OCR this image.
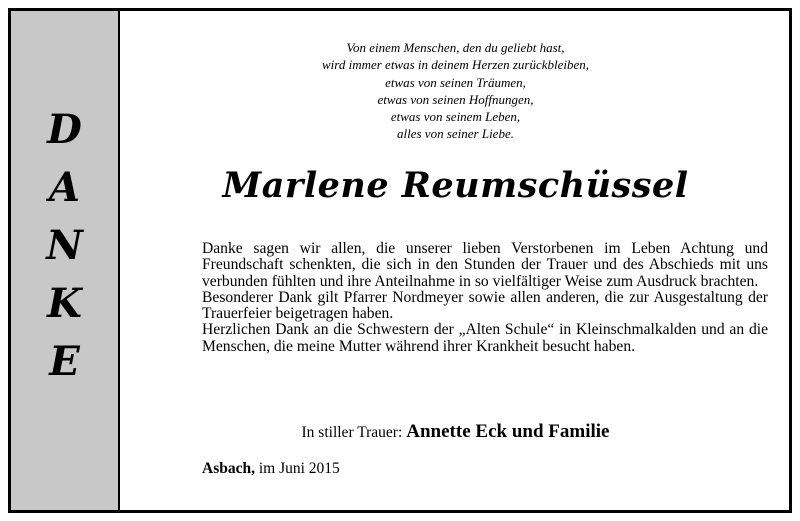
D
A
N
K
E
Von einem Menschen, den du geliebt hast,
wird immer etwas in deinem Herzen zurückbleiben,
etwas von seinen Träumen,
etwas von seinen Hoffnungen,
etwas von seinem Leben,
alles von seiner Liebe.
Marlene Reumschüssel

Danke sagen wir allen, die unserer lieben Verstorbenen im Leben Achtung und Freundschaft schenkten, die sich in den Stunden der Trauer und des Abschieds mit uns verbunden fühlten und ihre Anteilnahme in so vielfältiger Weise zum Ausdruck brachten.

Besonderer Dank gilt Pfarrer Nordmeyer sowie allen anderen, die zur Ausgestaltung der Trauerfeier beigetragen haben.

Herzlichen Dank an die Schwestern der „Alten Schule“ in Kleinschmalkalden und an die Menschen, die meine Mutter während ihrer Krankheit besucht haben.

In stiller Trauer: Annette Eck und Familie
Asbach, im Juni 2015
